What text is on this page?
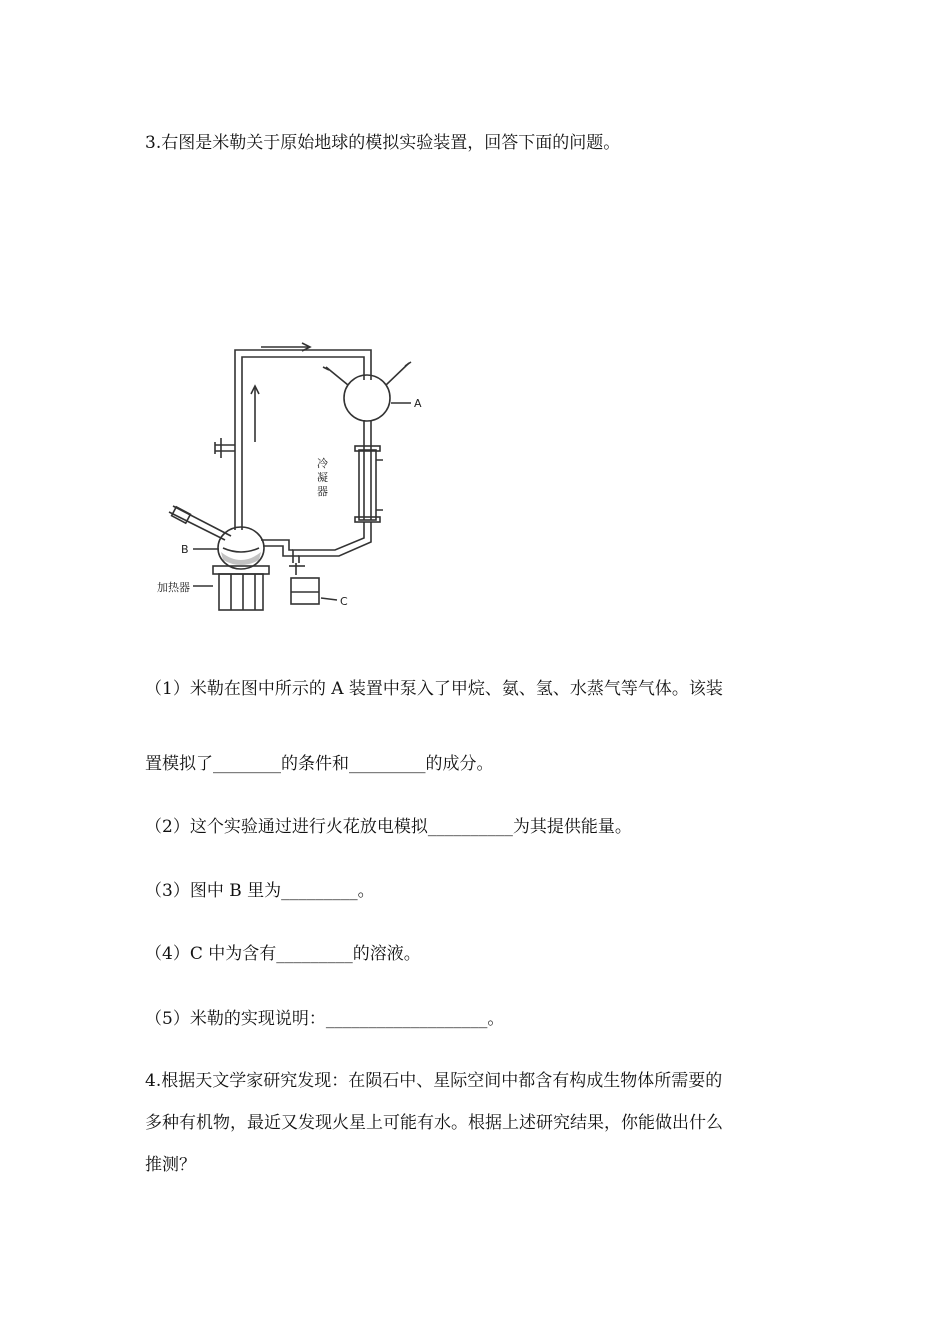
3.右图是米勒关于原始地球的模拟实验装置，回答下面的问题。
A
B
C
冷
凝
器
加热器
（1）米勒在图中所示的 A 装置中泵入了甲烷、氨、氢、水蒸气等气体。该装
置模拟了________的条件和_________的成分。
（2）这个实验通过进行火花放电模拟__________为其提供能量。
（3）图中 B 里为_________。
（4）C 中为含有_________的溶液。
（5）米勒的实现说明：___________________。
4.根据天文学家研究发现：在陨石中、星际空间中都含有构成生物体所需要的
多种有机物，最近又发现火星上可能有水。根据上述研究结果，你能做出什么
推测？
